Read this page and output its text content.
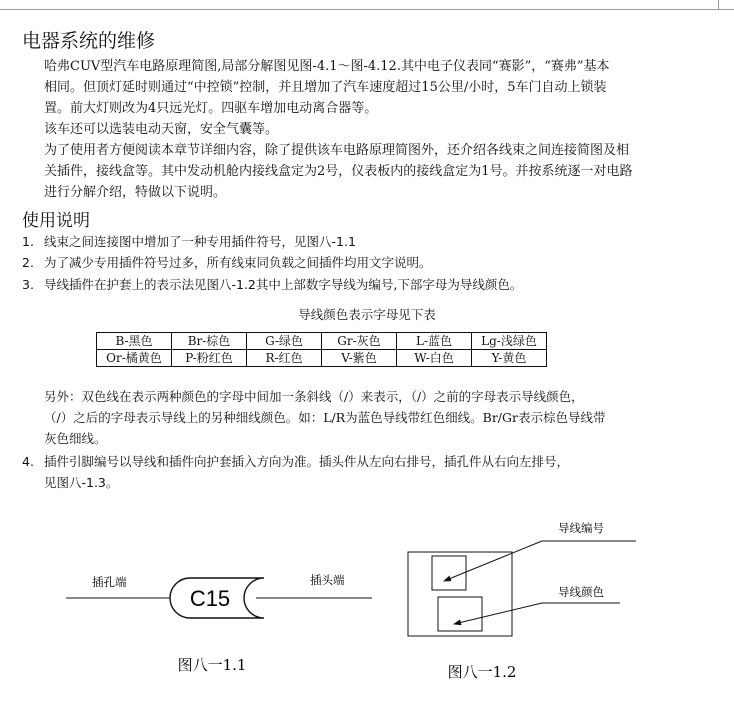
电器系统的维修
哈弗CUV型汽车电路原理简图,局部分解图见图-4.1～图-4.12.其中电子仪表同“赛影”，“赛弗”基本
相同。但顶灯延时则通过“中控锁”控制，并且增加了汽车速度超过15公里/小时，5车门自动上锁装
置。前大灯则改为4只远光灯。四驱车增加电动离合器等。
该车还可以选装电动天窗，安全气囊等。
为了使用者方便阅读本章节详细内容，除了提供该车电路原理简图外，还介绍各线束之间连接简图及相
关插件，接线盒等。其中发动机舱内接线盒定为2号，仪表板内的接线盒定为1号。并按系统逐一对电路
进行分解介绍，特做以下说明。
使用说明
1. 线束之间连接图中增加了一种专用插件符号，见图八-1.1
2. 为了减少专用插件符号过多，所有线束同负载之间插件均用文字说明。
3. 导线插件在护套上的表示法见图八-1.2其中上部数字导线为编号,下部字母为导线颜色。
导线颜色表示字母见下表
B-黑色	Br-棕色	G-绿色	Gr-灰色	L-蓝色	Lg-浅绿色
Or-橘黄色	P-粉红色	R-红色	V-紫色	W-白色	Y-黄色
另外：双色线在表示两种颜色的字母中间加一条斜线（/）来表示，（/）之前的字母表示导线颜色，
（/）之后的字母表示导线上的另种细线颜色。如：L/R为蓝色导线带红色细线。Br/Gr表示棕色导线带
灰色细线。
4. 插件引脚编号以导线和插件向护套插入方向为准。插头件从左向右排号，插孔件从右向左排号，
见图八-1.3。
插孔端	插头端
C15
图八一1.1
导线编号
导线颜色
图八一1.2
